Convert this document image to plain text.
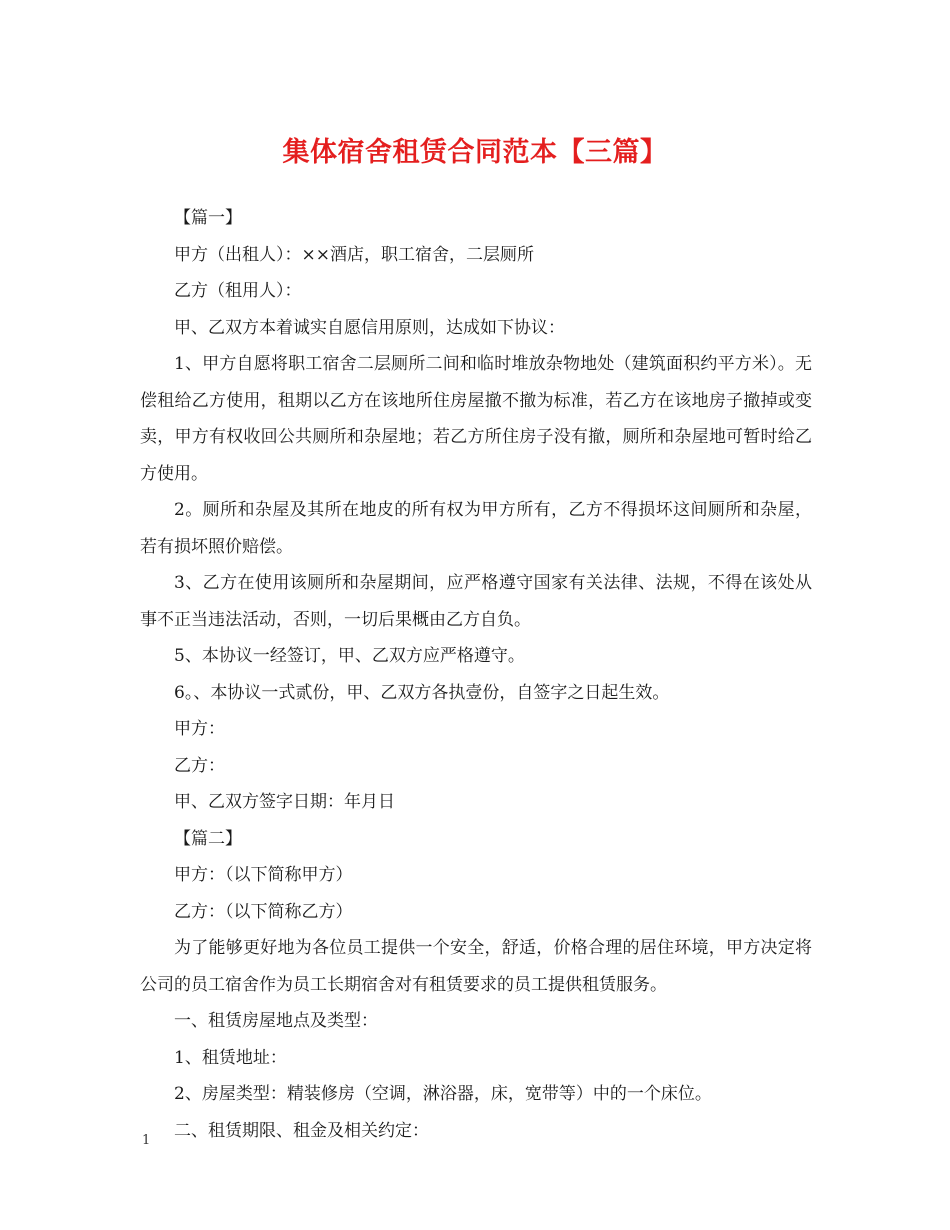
集体宿舍租赁合同范本【三篇】

【篇一】

甲方（出租人）：××酒店，职工宿舍，二层厕所

乙方（租用人）：

甲、乙双方本着诚实自愿信用原则，达成如下协议：

1、甲方自愿将职工宿舍二层厕所二间和临时堆放杂物地处（建筑面积约平方米）。无偿租给乙方使用，租期以乙方在该地所住房屋撤不撤为标准，若乙方在该地房子撤掉或变卖，甲方有权收回公共厕所和杂屋地；若乙方所住房子没有撤，厕所和杂屋地可暂时给乙方使用。

2。厕所和杂屋及其所在地皮的所有权为甲方所有，乙方不得损坏这间厕所和杂屋，若有损坏照价赔偿。

3、乙方在使用该厕所和杂屋期间，应严格遵守国家有关法律、法规，不得在该处从事不正当违法活动，否则，一切后果概由乙方自负。

5、本协议一经签订，甲、乙双方应严格遵守。

6。、本协议一式贰份，甲、乙双方各执壹份，自签字之日起生效。

甲方：

乙方：

甲、乙双方签字日期：年月日

【篇二】

甲方：（以下简称甲方）

乙方：（以下简称乙方）

为了能够更好地为各位员工提供一个安全，舒适，价格合理的居住环境，甲方决定将公司的员工宿舍作为员工长期宿舍对有租赁要求的员工提供租赁服务。

一、租赁房屋地点及类型：

1、租赁地址：

2、房屋类型：精装修房（空调，淋浴器，床，宽带等）中的一个床位。

二、租赁期限、租金及相关约定：

1
